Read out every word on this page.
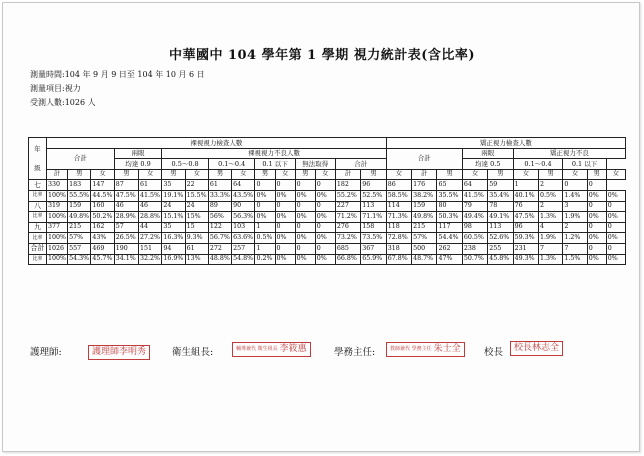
中華國中 104 學年第 1 學期 視力統計表(含比率)
測量時間:104 年 9 月 9 日至 104 年 10 月 6 日
測量項目:視力
受測人數:1026 人
年

級	裸視視力檢查人數															矯正視力檢查人數									
	合計			兩眼		裸視視力不良人數										合計			兩眼		矯正視力不良				
				均達 0.9		0.5～0.8		0.1～0.4		0.1 以下		無法取得		合計					均達 0.5		0.1～0.4		0.1 以下		
	計	男	女	男	女	男	女	男	女	男	女	男	女	計	男	女	計	男	女	男	女	男	女	男	女
七	330	183	147	87	61	35	22	61	64	0	0	0	0	182	96	86	176	65	64	59	1	2	0	0	
比率	100%	55.5%	44.5%	47.5%	41.5%	19.1%	15.5%	33.3%	43.5%	0%	0%	0%	0%	55.2%	52.5%	58.5%	38.2%	35.5%	41.5%	35.4%	40.1%	0.5%	1.4%	0%	0%
八	319	159	160	46	46	24	24	89	90	0	0	0	0	227	113	114	159	80	79	78	76	2	3	0	0
比率	100%	49.8%	50.2%	28.9%	28.8%	15.1%	15%	56%	56.3%	0%	0%	0%	0%	71.2%	71.1%	71.3%	49.8%	50.3%	49.4%	49.1%	47.5%	1.3%	1.9%	0%	0%
九	377	215	162	57	44	35	15	122	103	1	0	0	0	276	158	118	215	117	98	113	96	4	2	0	0
比率	100%	57%	43%	26.5%	27.2%	16.3%	9.3%	56.7%	63.6%	0.5%	0%	0%	0%	73.2%	73.5%	72.8%	57%	54.4%	60.5%	52.6%	59.3%	1.9%	1.2%	0%	0%
合計	1026	557	469	190	151	94	61	272	257	1	0	0	0	685	367	318	500	262	238	255	231	7	7	0	0
比率	100%	54.3%	45.7%	34.1%	32.2%	16.9%	13%	48.8%	54.8%	0.2%	0%	0%	0%	66.8%	65.9%	67.8%	48.7%	47%	50.7%	45.8%	49.3%	1.3%	1.5%	0%	0%
護理師:	護理師李明秀	衛生組長:	輔導兼代 衛生組長 李筱惠	學務主任:	教師兼代 學務主任 朱士全	校長	校長林志全
